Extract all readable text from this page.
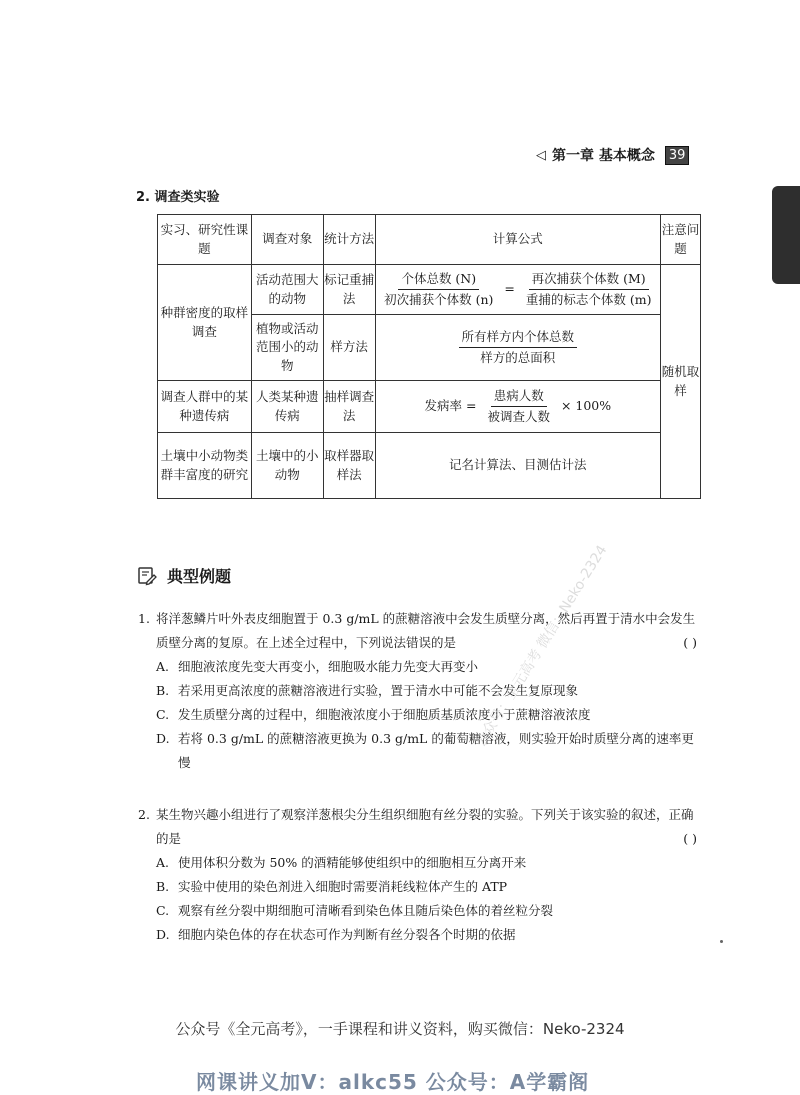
◁ 第一章 基本概念	39
2. 调查类实验
实习、研究性课题	调查对象	统计方法	计算公式	注意问题
种群密度的取样调查	活动范围大的动物	标记重捕法	$\frac{\text{个体总数 (N)}}{\text{初次捕获个体数 (n)}} = \frac{\text{再次捕获个体数 (M)}}{\text{重捕的标志个体数 (m)}}$	随机取样
	植物或活动范围小的动物	样方法	$\frac{\text{所有样方内个体总数}}{\text{样方的总面积}}$

调查人群中的某种遗传病	人类某种遗传病	抽样调查法	发病率 = $\frac{\text{患病人数}}{\text{被调查人数}} \times 100\%$	
土壤中小动物类群丰富度的研究	土壤中的小动物	取样器取样法	记名计算法、目测估计法	
典型例题
1. 将洋葱鳞片叶外表皮细胞置于 0.3 g/mL 的蔗糖溶液中会发生质壁分离，然后再置于清水中会发生质壁分离的复原。在上述全过程中，下列说法错误的是	( )
A. 细胞液浓度先变大再变小，细胞吸水能力先变大再变小
B. 若采用更高浓度的蔗糖溶液进行实验，置于清水中可能不会发生复原现象
C. 发生质壁分离的过程中，细胞液浓度小于细胞质基质浓度小于蔗糖溶液浓度
D. 若将 0.3 g/mL 的蔗糖溶液更换为 0.3 g/mL 的葡萄糖溶液，则实验开始时质壁分离的速率更慢
2. 某生物兴趣小组进行了观察洋葱根尖分生组织细胞有丝分裂的实验。下列关于该实验的叙述，正确的是	( )
A. 使用体积分数为 50% 的酒精能够使组织中的细胞相互分离开来
B. 实验中使用的染色剂进入细胞时需要消耗线粒体产生的 ATP
C. 观察有丝分裂中期细胞可清晰看到染色体且随后染色体的着丝粒分裂
D. 细胞内染色体的存在状态可作为判断有丝分裂各个时期的依据
公众号：全元高考 微信：Neko-2324
公众号《全元高考》，一手课程和讲义资料，购买微信：Neko-2324
网课讲义加V：alkc55 公众号：A学霸阁
